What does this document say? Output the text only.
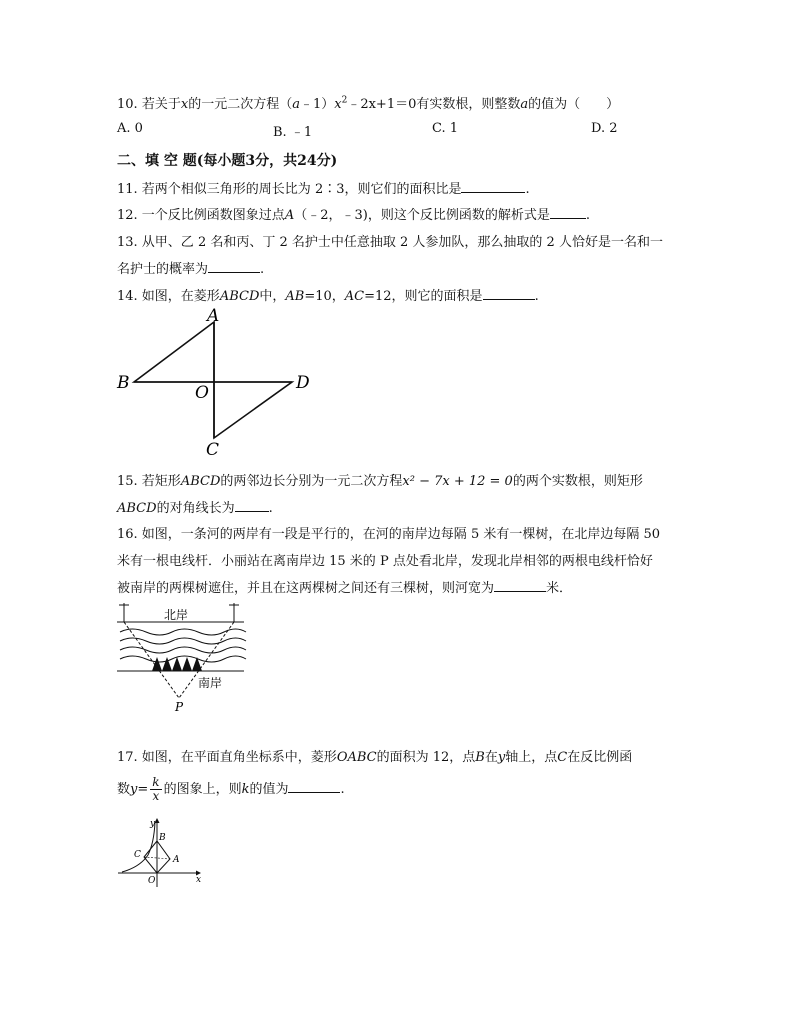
10. 若关于x的一元二次方程$(a﹣1)x^2﹣2x+1=0$有实数根，则整数a的值为（　　）
A. 0	B. ﹣1	C. 1	D. 2
二、填 空 题(每小题3分，共24分)
11. 若两个相似三角形的周长比为 2∶3，则它们的面积比是	.
12. 一个反比例函数图象过点A（﹣2，﹣3)，则这个反比例函数的解析式是	.
13. 从甲、乙 2 名和丙、丁 2 名护士中任意抽取 2 人参加队，那么抽取的 2 人恰好是一名和一
名护士的概率为	.
14. 如图，在菱形ABCD中，AB=10，AC=12，则它的面积是	.
A
B	D
C
O
15. 若矩形ABCD的两邻边长分别为一元二次方程x² − 7x + 12 = 0的两个实数根，则矩形
ABCD的对角线长为	.
16. 如图，一条河的两岸有一段是平行的，在河的南岸边每隔 5 米有一棵树，在北岸边每隔 50
米有一根电线杆．小丽站在离南岸边 15 米的 P 点处看北岸，发现北岸相邻的两根电线杆恰好
被南岸的两棵树遮住，并且在这两棵树之间还有三棵树，则河宽为	米．
北岸
南岸
P
17. 如图，在平面直角坐标系中，菱形OABC的面积为 12，点B在y轴上，点C在反比例函
数$y= \frac{k}{x}$ 的图象上，则k的值为	.
y
x
O
A
B
C
